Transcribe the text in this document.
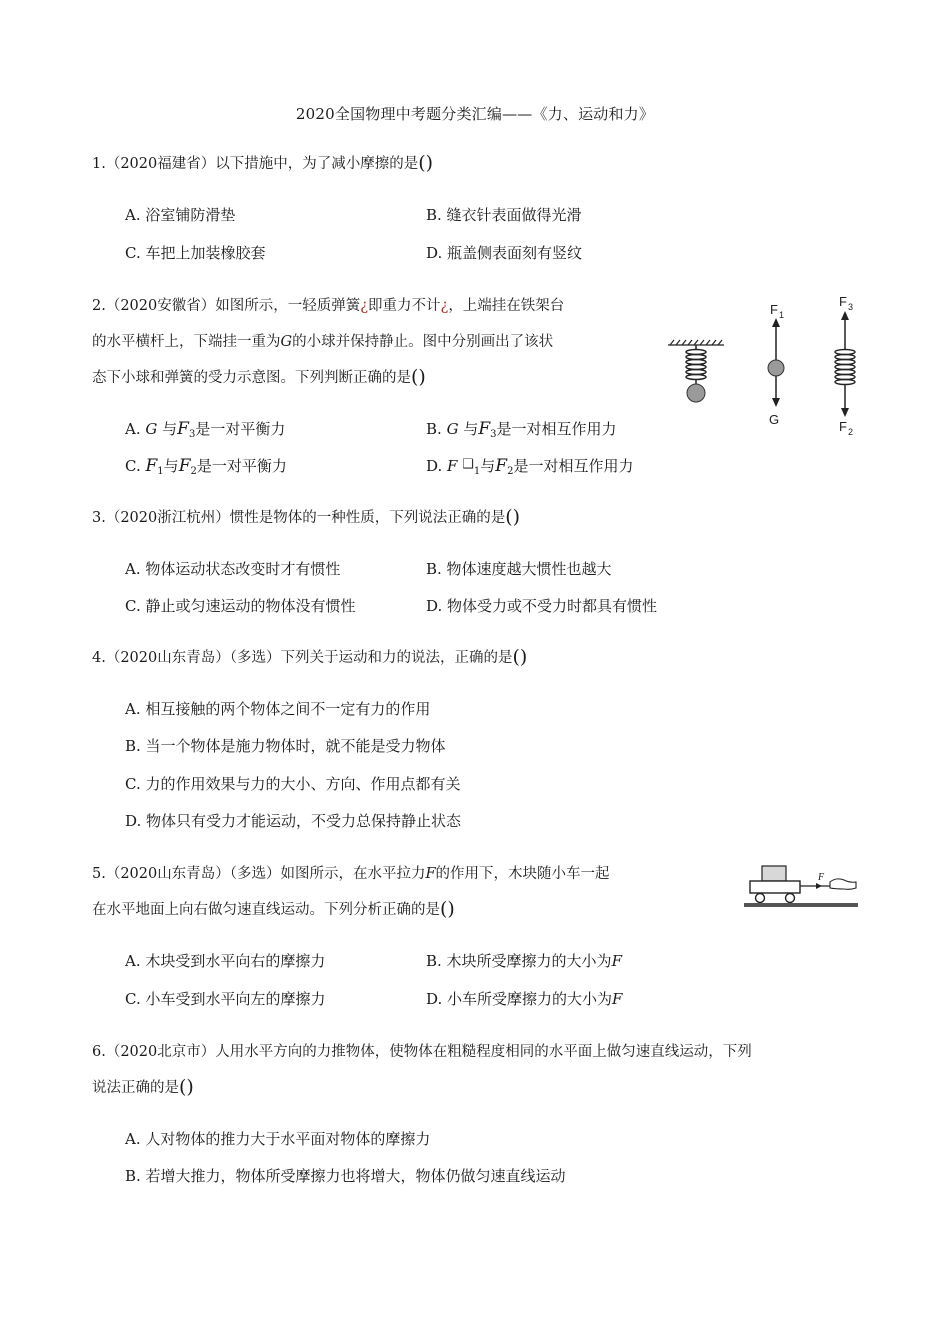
2020全国物理中考题分类汇编——《力、运动和力》
1.（2020福建省）以下措施中，为了减小摩擦的是()
A. 浴室铺防滑垫	B. 缝衣针表面做得光滑
C. 车把上加装橡胶套	D. 瓶盖侧表面刻有竖纹
2.（2020安徽省）如图所示，一轻质弹簧¿即重力不计¿，上端挂在铁架台
的水平横杆上，下端挂一重为G的小球并保持静止。图中分别画出了该状
态下小球和弹簧的受力示意图。下列判断正确的是()
A. G 与$F_3$是一对平衡力	B. G 与$F_3$是一对相互作用力
C. $F_1$与$F_2$是一对平衡力	D. F $❑_1$与$F_2$是一对相互作用力
F 1
G
F 3
F 2
3.（2020浙江杭州）惯性是物体的一种性质，下列说法正确的是()
A. 物体运动状态改变时才有惯性	B. 物体速度越大惯性也越大
C. 静止或匀速运动的物体没有惯性	D. 物体受力或不受力时都具有惯性
4.（2020山东青岛）（多选）下列关于运动和力的说法，正确的是()
A. 相互接触的两个物体之间不一定有力的作用
B. 当一个物体是施力物体时，就不能是受力物体
C. 力的作用效果与力的大小、方向、作用点都有关
D. 物体只有受力才能运动，不受力总保持静止状态
5.（2020山东青岛）（多选）如图所示，在水平拉力F的作用下，木块随小车一起
在水平地面上向右做匀速直线运动。下列分析正确的是()
F
A. 木块受到水平向右的摩擦力	B. 木块所受摩擦力的大小为F
C. 小车受到水平向左的摩擦力	D. 小车所受摩擦力的大小为F
6.（2020北京市）人用水平方向的力推物体，使物体在粗糙程度相同的水平面上做匀速直线运动，下列
说法正确的是()
A. 人对物体的推力大于水平面对物体的摩擦力
B. 若增大推力，物体所受摩擦力也将增大，物体仍做匀速直线运动
